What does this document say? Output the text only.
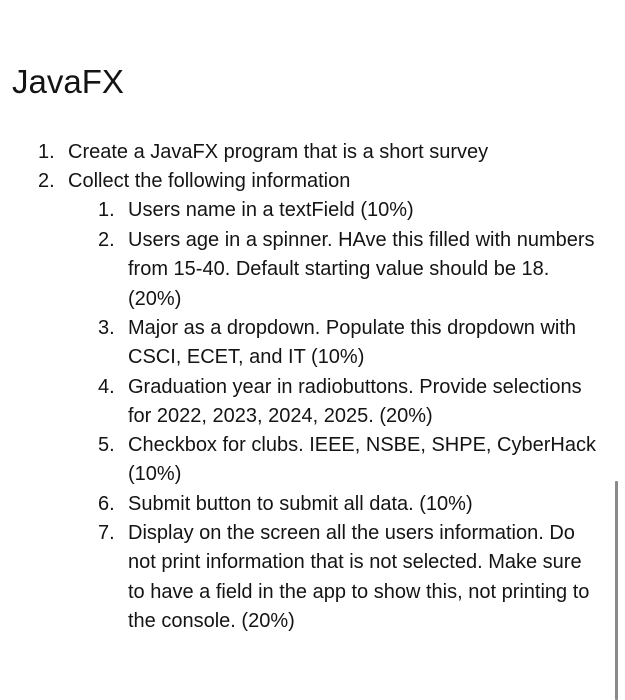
JavaFX
1. Create a JavaFX program that is a short survey
2. Collect the following information
1. Users name in a textField (10%)
2. Users age in a spinner. HAve this filled with numbers from 15-40. Default starting value should be 18. (20%)
3. Major as a dropdown. Populate this dropdown with CSCI, ECET, and IT (10%)
4. Graduation year in radiobuttons. Provide selections for 2022, 2023, 2024, 2025. (20%)
5. Checkbox for clubs. IEEE, NSBE, SHPE, CyberHack (10%)
6. Submit button to submit all data. (10%)
7. Display on the screen all the users information. Do not print information that is not selected. Make sure to have a field in the app to show this, not printing to the console. (20%)
